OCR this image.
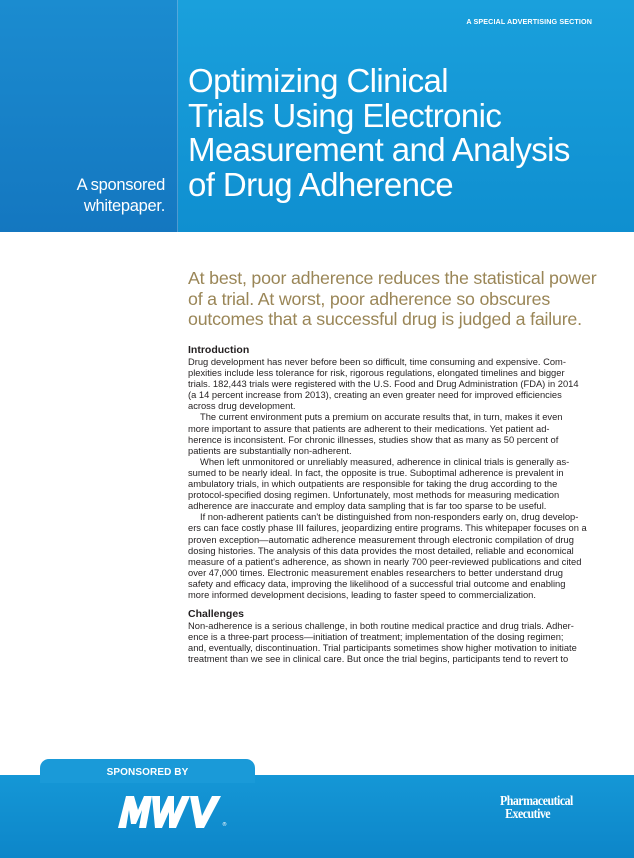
A SPECIAL ADVERTISING SECTION
Optimizing Clinical
Trials Using Electronic
Measurement and Analysis
of Drug Adherence
A sponsored
whitepaper.
At best, poor adherence reduces the statistical power
of a trial. At worst, poor adherence so obscures
outcomes that a successful drug is judged a failure.
Introduction
Drug development has never before been so difficult, time consuming and expensive. Com-
plexities include less tolerance for risk, rigorous regulations, elongated timelines and bigger
trials. 182,443 trials were registered with the U.S. Food and Drug Administration (FDA) in 2014
(a 14 percent increase from 2013), creating an even greater need for improved efficiencies
across drug development.
The current environment puts a premium on accurate results that, in turn, makes it even
more important to assure that patients are adherent to their medications. Yet patient ad-
herence is inconsistent. For chronic illnesses, studies show that as many as 50 percent of
patients are substantially non-adherent.
When left unmonitored or unreliably measured, adherence in clinical trials is generally as-
sumed to be nearly ideal. In fact, the opposite is true. Suboptimal adherence is prevalent in
ambulatory trials, in which outpatients are responsible for taking the drug according to the
protocol-specified dosing regimen. Unfortunately, most methods for measuring medication
adherence are inaccurate and employ data sampling that is far too sparse to be useful.
If non-adherent patients can't be distinguished from non-responders early on, drug develop-
ers can face costly phase III failures, jeopardizing entire programs. This whitepaper focuses on a
proven exception—automatic adherence measurement through electronic compilation of drug
dosing histories. The analysis of this data provides the most detailed, reliable and economical
measure of a patient's adherence, as shown in nearly 700 peer-reviewed publications and cited
over 47,000 times. Electronic measurement enables researchers to better understand drug
safety and efficacy data, improving the likelihood of a successful trial outcome and enabling
more informed development decisions, leading to faster speed to commercialization.
Challenges
Non-adherence is a serious challenge, in both routine medical practice and drug trials. Adher-
ence is a three-part process—initiation of treatment; implementation of the dosing regimen;
and, eventually, discontinuation. Trial participants sometimes show higher motivation to initiate
treatment than we see in clinical care. But once the trial begins, participants tend to revert to
SPONSORED BY
®
Pharmaceutical
Executive
